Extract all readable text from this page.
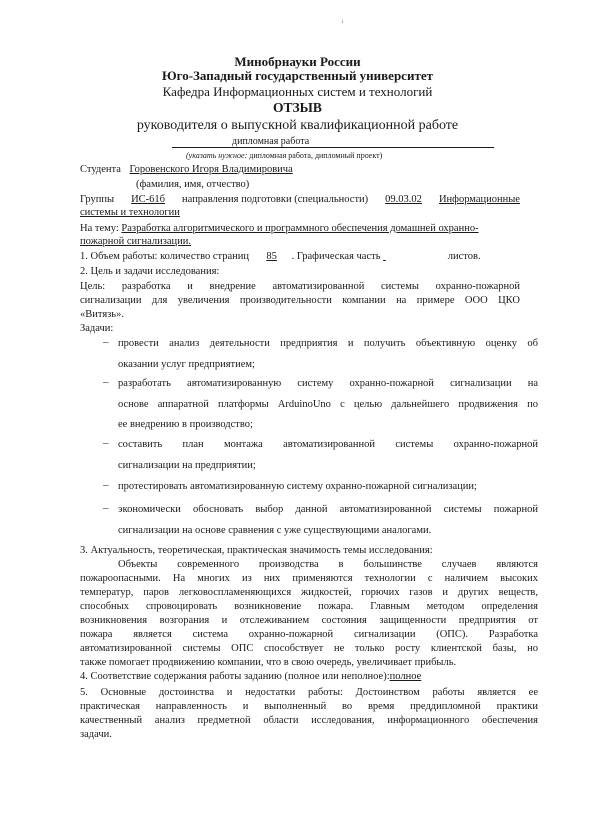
ᵢ
Минобрнауки России
Юго-Западный государственный университет
Кафедра Информационных систем и технологий
ОТЗЫВ
руководителя о выпускной квалификационной работе
дипломная работа
(указать нужное: дипломная работа, дипломный проект)
Студента Горовенского Игоря Владимировича
(фамилия, имя, отчество)
Группы ИС-61б направления подготовки (специальности) 09.03.02 Информационные
системы и технологии
На тему: Разработка алгоритмического и программного обеспечения домашней охранно-
пожарной сигнализации.
1. Объем работы: количество страниц 85 . Графическая часть	листов.
2. Цель и задачи исследования:
Цель: разработка и внедрение автоматизированной системы охранно-пожарной
сигнализации для увеличения производительности компании на примере ООО ЦКО
«Витязь».
Задачи:
– провести анализ деятельности предприятия и получить объективную оценку об
оказании услуг предприятием;
– разработать автоматизированную систему охранно-пожарной сигнализации на
основе аппаратной платформы ArduinoUno с целью дальнейшего продвижения по
ее внедрению в производство;
– составить план монтажа автоматизированной системы охранно-пожарной
сигнализации на предприятии;
– протестировать автоматизированную систему охранно-пожарной сигнализации;
– экономически обосновать выбор данной автоматизированной системы пожарной
сигнализации на основе сравнения с уже существующими аналогами.
3. Актуальность, теоретическая, практическая значимость темы исследования:
Объекты современного производства в большинстве случаев являются
пожароопасными. На многих из них применяются технологии с наличием высоких
температур, паров легковоспламеняющихся жидкостей, горючих газов и других веществ,
способных спровоцировать возникновение пожара. Главным методом определения
возникновения возгорания и отслеживанием состояния защищенности предприятия от
пожара является система охранно-пожарной сигнализации (ОПС). Разработка
автоматизированной системы ОПС способствует не только росту клиентской базы, но
также помогает продвижению компании, что в свою очередь, увеличивает прибыль.
4. Соответствие содержания работы заданию (полное или неполное):полное
5. Основные достоинства и недостатки работы: Достоинством работы является ее
практическая направленность и выполненный во время преддипломной практики
качественный анализ предметной области исследования, информационного обеспечения
задачи.
